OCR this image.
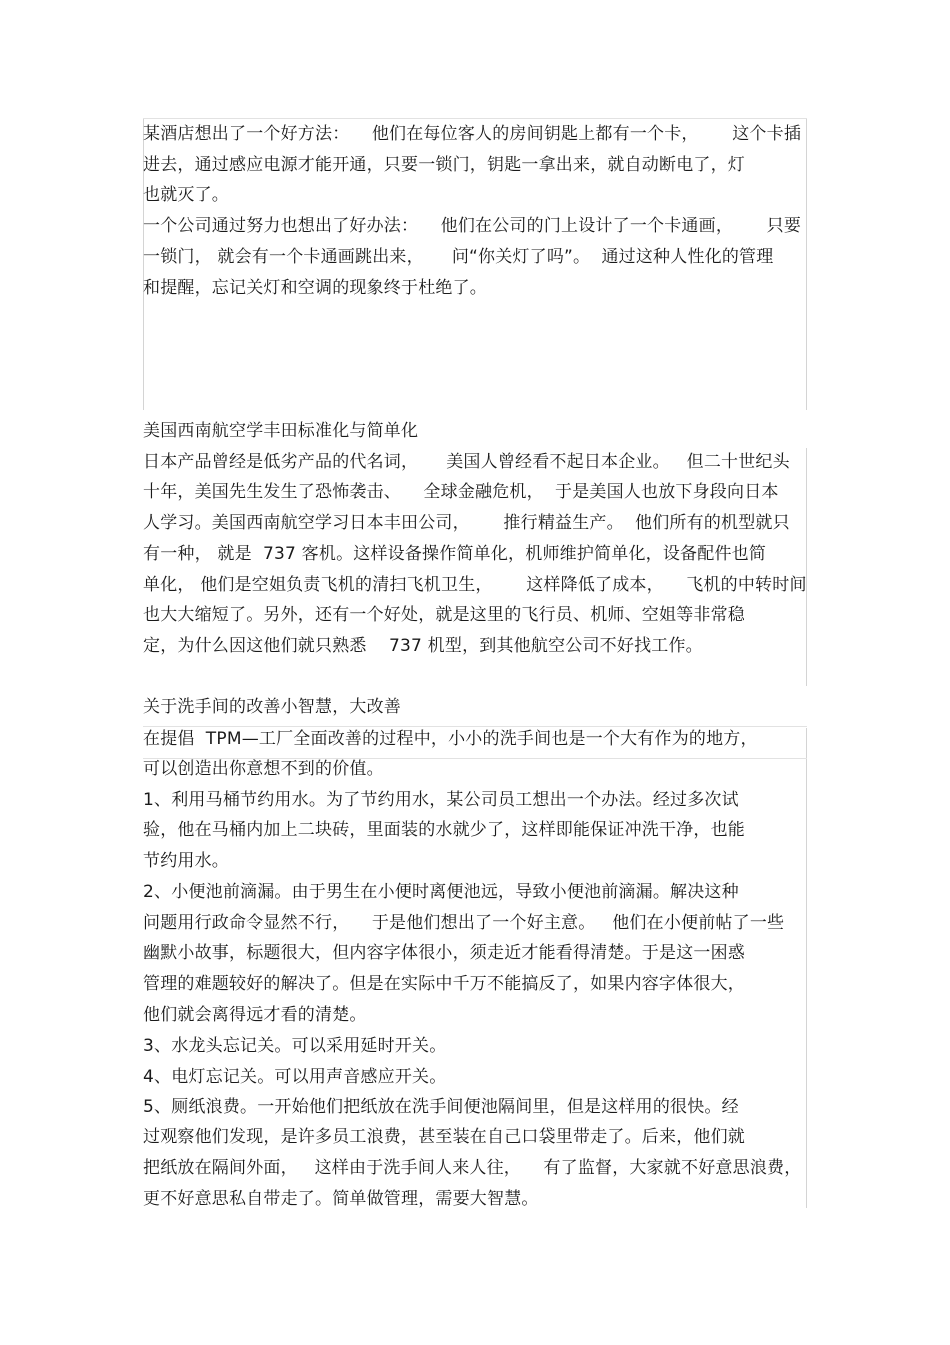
某酒店想出了一个好方法：    他们在每位客人的房间钥匙上都有一个卡，      这个卡插
进去，通过感应电源才能开通，只要一锁门，钥匙一拿出来，就自动断电了，灯
也就灭了。
一个公司通过努力也想出了好办法：    他们在公司的门上设计了一个卡通画，      只要
一锁门， 就会有一个卡通画跳出来，     问“你关灯了吗”。  通过这种人性化的管理
和提醒，忘记关灯和空调的现象终于杜绝了。
美国西南航空学丰田标准化与简单化
日本产品曾经是低劣产品的代名词，     美国人曾经看不起日本企业。   但二十世纪头
十年，美国先生发生了恐怖袭击、    全球金融危机，  于是美国人也放下身段向日本
人学习。美国西南航空学习日本丰田公司，      推行精益生产。  他们所有的机型就只
有一种， 就是  737 客机。这样设备操作简单化，机师维护简单化，设备配件也简
单化， 他们是空姐负责飞机的清扫飞机卫生，      这样降低了成本，    飞机的中转时间
也大大缩短了。另外，还有一个好处，就是这里的飞行员、机师、空姐等非常稳
定，为什么因这他们就只熟悉    737 机型，到其他航空公司不好找工作。
关于洗手间的改善小智慧，大改善
在提倡  TPM—工厂全面改善的过程中，小小的洗手间也是一个大有作为的地方，
可以创造出你意想不到的价值。
1、利用马桶节约用水。为了节约用水，某公司员工想出一个办法。经过多次试
验，他在马桶内加上二块砖，里面装的水就少了，这样即能保证冲洗干净，也能
节约用水。
2、小便池前滴漏。由于男生在小便时离便池远，导致小便池前滴漏。解决这种
问题用行政命令显然不行，    于是他们想出了一个好主意。   他们在小便前帖了一些
幽默小故事，标题很大，但内容字体很小，须走近才能看得清楚。于是这一困惑
管理的难题较好的解决了。但是在实际中千万不能搞反了，如果内容字体很大，
他们就会离得远才看的清楚。
3、水龙头忘记关。可以采用延时开关。
4、电灯忘记关。可以用声音感应开关。
5、厕纸浪费。一开始他们把纸放在洗手间便池隔间里，但是这样用的很快。经
过观察他们发现，是许多员工浪费，甚至装在自己口袋里带走了。后来，他们就
把纸放在隔间外面，   这样由于洗手间人来人往，    有了监督，大家就不好意思浪费，
更不好意思私自带走了。简单做管理，需要大智慧。
